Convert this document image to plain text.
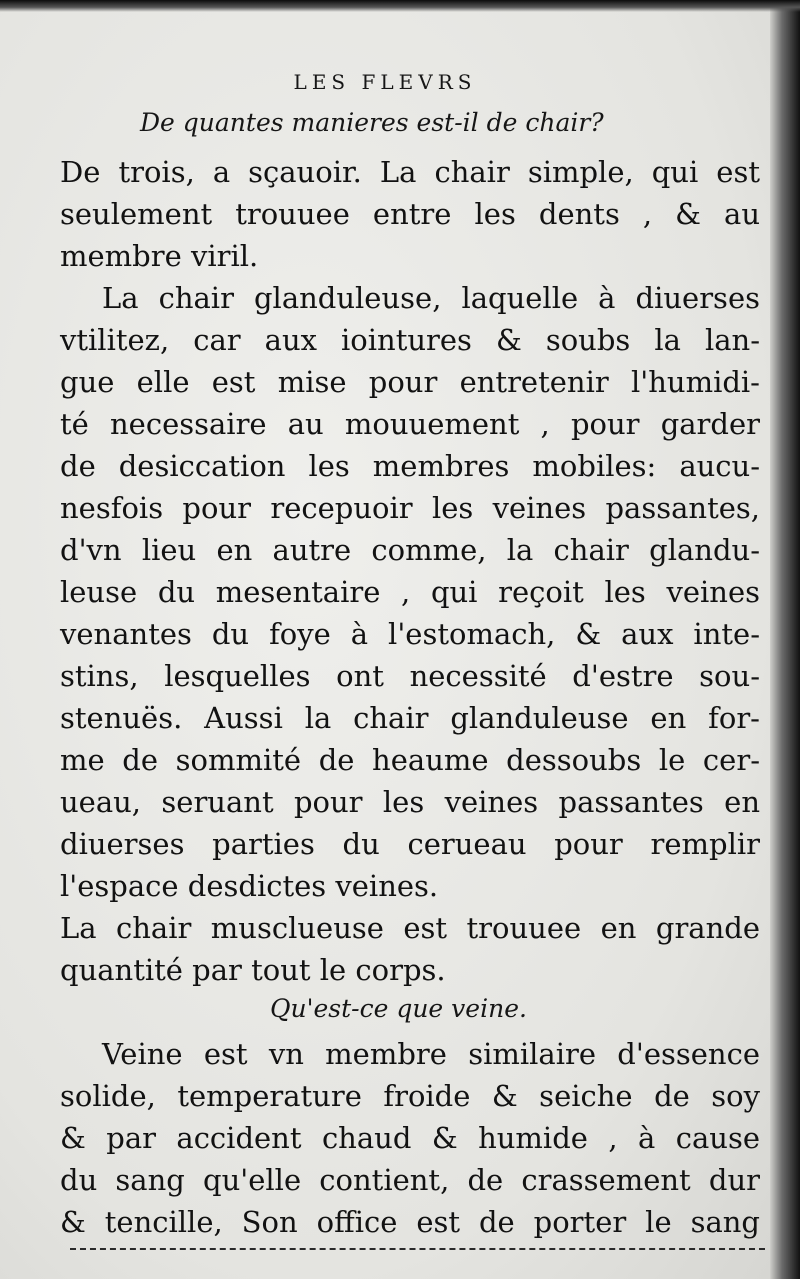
LES FLEVRS
De quantes manieres est-il de chair?
De trois, a sçauoir. La chair simple, qui est
seulement trouuee entre les dents , & au
membre viril.
La chair glanduleuse, laquelle à diuerses
vtilitez, car aux iointures & soubs la lan-
gue elle est mise pour entretenir l'humidi-
té necessaire au mouuement , pour garder
de desiccation les membres mobiles: aucu-
nesfois pour recepuoir les veines passantes,
d'vn lieu en autre comme, la chair glandu-
leuse du mesentaire , qui reçoit les veines
venantes du foye à l'estomach, & aux inte-
stins, lesquelles ont necessité d'estre sou-
stenuës. Aussi la chair glanduleuse en for-
me de sommité de heaume dessoubs le cer-
ueau, seruant pour les veines passantes en
diuerses parties du cerueau pour remplir
l'espace desdictes veines.
La chair musclueuse est trouuee en grande
quantité par tout le corps.
Qu'est-ce que veine.
Veine est vn membre similaire d'essence
solide, temperature froide & seiche de soy
& par accident chaud & humide , à cause
du sang qu'elle contient, de crassement dur
& tencille, Son office est de porter le sang
